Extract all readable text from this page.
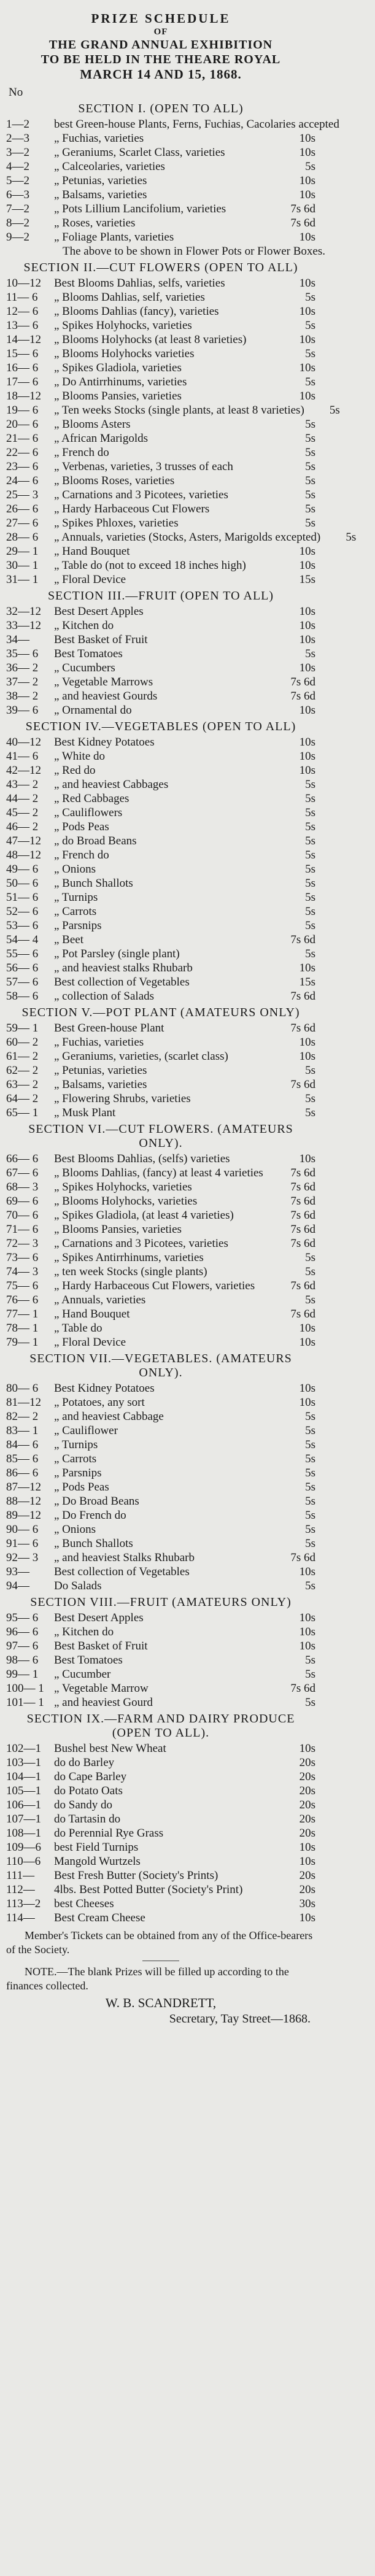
PRIZE SCHEDULE
OF
THE GRAND ANNUAL EXHIBITION
TO BE HELD IN THE THEARE ROYAL
MARCH 14 AND 15, 1868.
No
SECTION I. (OPEN TO ALL)
1—2	best Green-house Plants, Ferns, Fuchias, Cacolaries accepted
2—3	„ Fuchias, varieties	10s
3—2	„ Geraniums, Scarlet Class, varieties	10s
4—2	„ Calceolaries, varieties	5s
5—2	„ Petunias, varieties	10s
6—3	„ Balsams, varieties	10s
7—2	„ Pots Lillium Lancifolium, varieties	7s 6d
8—2	„ Roses, varieties	7s 6d
9—2	„ Foliage Plants, varieties	10s
The above to be shown in Flower Pots or Flower Boxes.
SECTION II.—CUT FLOWERS (OPEN TO ALL)
10—12	Best Blooms Dahlias, selfs, varieties	10s
11— 6	„ Blooms Dahlias, self, varieties	5s
12— 6	„ Blooms Dahlias (fancy), varieties	10s
13— 6	„ Spikes Holyhocks, varieties	5s
14—12	„ Blooms Holyhocks (at least 8 varieties)	10s
15— 6	„ Blooms Holyhocks varieties	5s
16— 6	„ Spikes Gladiola, varieties	10s
17— 6	„ Do Antirrhinums, varieties	5s
18—12	„ Blooms Pansies, varieties	10s
19— 6	„ Ten weeks Stocks (single plants, at least 8 varieties)	5s
20— 6	„ Blooms Asters	5s
21— 6	„ African Marigolds	5s
22— 6	„ French do	5s
23— 6	„ Verbenas, varieties, 3 trusses of each	5s
24— 6	„ Blooms Roses, varieties	5s
25— 3	„ Carnations and 3 Picotees, varieties	5s
26— 6	„ Hardy Harbaceous Cut Flowers	5s
27— 6	„ Spikes Phloxes, varieties	5s
28— 6	„ Annuals, varieties (Stocks, Asters, Marigolds excepted)	5s
29— 1	„ Hand Bouquet	10s
30— 1	„ Table do (not to exceed 18 inches high)	10s
31— 1	„ Floral Device	15s
SECTION III.—FRUIT (OPEN TO ALL)
32—12	Best Desert Apples	10s
33—12	„ Kitchen do	10s
34—	Best Basket of Fruit	10s
35— 6	Best Tomatoes	5s
36— 2	„ Cucumbers	10s
37— 2	„ Vegetable Marrows	7s 6d
38— 2	„ and heaviest Gourds	7s 6d
39— 6	„ Ornamental do	10s
SECTION IV.—VEGETABLES (OPEN TO ALL)
40—12	Best Kidney Potatoes	10s
41— 6	„ White do	10s
42—12	„ Red do	10s
43— 2	„ and heaviest Cabbages	5s
44— 2	„ Red Cabbages	5s
45— 2	„ Cauliflowers	5s
46— 2	„ Pods Peas	5s
47—12	„ do Broad Beans	5s
48—12	„ French do	5s
49— 6	„ Onions	5s
50— 6	„ Bunch Shallots	5s
51— 6	„ Turnips	5s
52— 6	„ Carrots	5s
53— 6	„ Parsnips	5s
54— 4	„ Beet	7s 6d
55— 6	„ Pot Parsley (single plant)	5s
56— 6	„ and heaviest stalks Rhubarb	10s
57— 6	Best collection of Vegetables	15s
58— 6	„ collection of Salads	7s 6d
SECTION V.—POT PLANT (AMATEURS ONLY)
59— 1	Best Green-house Plant	7s 6d
60— 2	„ Fuchias, varieties	10s
61— 2	„ Geraniums, varieties, (scarlet class)	10s
62— 2	„ Petunias, varieties	5s
63— 2	„ Balsams, varieties	7s 6d
64— 2	„ Flowering Shrubs, varieties	5s
65— 1	„ Musk Plant	5s
SECTION VI.—CUT FLOWERS. (AMATEURS ONLY).
66— 6	Best Blooms Dahlias, (selfs) varieties	10s
67— 6	„ Blooms Dahlias, (fancy) at least 4 varieties	7s 6d
68— 3	„ Spikes Holyhocks, varieties	7s 6d
69— 6	„ Blooms Holyhocks, varieties	7s 6d
70— 6	„ Spikes Gladiola, (at least 4 varieties)	7s 6d
71— 6	„ Blooms Pansies, varieties	7s 6d
72— 3	„ Carnations and 3 Picotees, varieties	7s 6d
73— 6	„ Spikes Antirrhinums, varieties	5s
74— 3	„ ten week Stocks (single plants)	5s
75— 6	„ Hardy Harbaceous Cut Flowers, varieties	7s 6d
76— 6	„ Annuals, varieties	5s
77— 1	„ Hand Bouquet	7s 6d
78— 1	„ Table do	10s
79— 1	„ Floral Device	10s
SECTION VII.—VEGETABLES. (AMATEURS ONLY).
80— 6	Best Kidney Potatoes	10s
81—12	„ Potatoes, any sort	10s
82— 2	„ and heaviest Cabbage	5s
83— 1	„ Cauliflower	5s
84— 6	„ Turnips	5s
85— 6	„ Carrots	5s
86— 6	„ Parsnips	5s
87—12	„ Pods Peas	5s
88—12	„ Do Broad Beans	5s
89—12	„ Do French do	5s
90— 6	„ Onions	5s
91— 6	„ Bunch Shallots	5s
92— 3	„ and heaviest Stalks Rhubarb	7s 6d
93—	Best collection of Vegetables	10s
94—	Do Salads	5s
SECTION VIII.—FRUIT (AMATEURS ONLY)
95— 6	Best Desert Apples	10s
96— 6	„ Kitchen do	10s
97— 6	Best Basket of Fruit	10s
98— 6	Best Tomatoes	5s
99— 1	„ Cucumber	5s
100— 1 „ Vegetable Marrow	7s 6d
101— 1 „ and heaviest Gourd	5s
SECTION IX.—FARM AND DAIRY PRODUCE (OPEN TO ALL).
102—1	Bushel best New Wheat	10s
103—1	do do Barley	20s
104—1	do Cape Barley	20s
105—1	do Potato Oats	20s
106—1	do Sandy do	20s
107—1	do Tartasin do	20s
108—1	do Perennial Rye Grass	20s
109—6	best Field Turnips	10s
110—6	Mangold Wurtzels	10s
111—	Best Fresh Butter (Society's Prints)	20s
112—	4lbs. Best Potted Butter (Society's Print)	20s
113—2	best Cheeses	30s
114—	Best Cream Cheese	10s
Member's Tickets can be obtained from any of the Office-bearers of the Society.
NOTE.—The blank Prizes will be filled up according to the finances collected.
W. B. SCANDRETT,
Secretary, Tay Street—1868.
